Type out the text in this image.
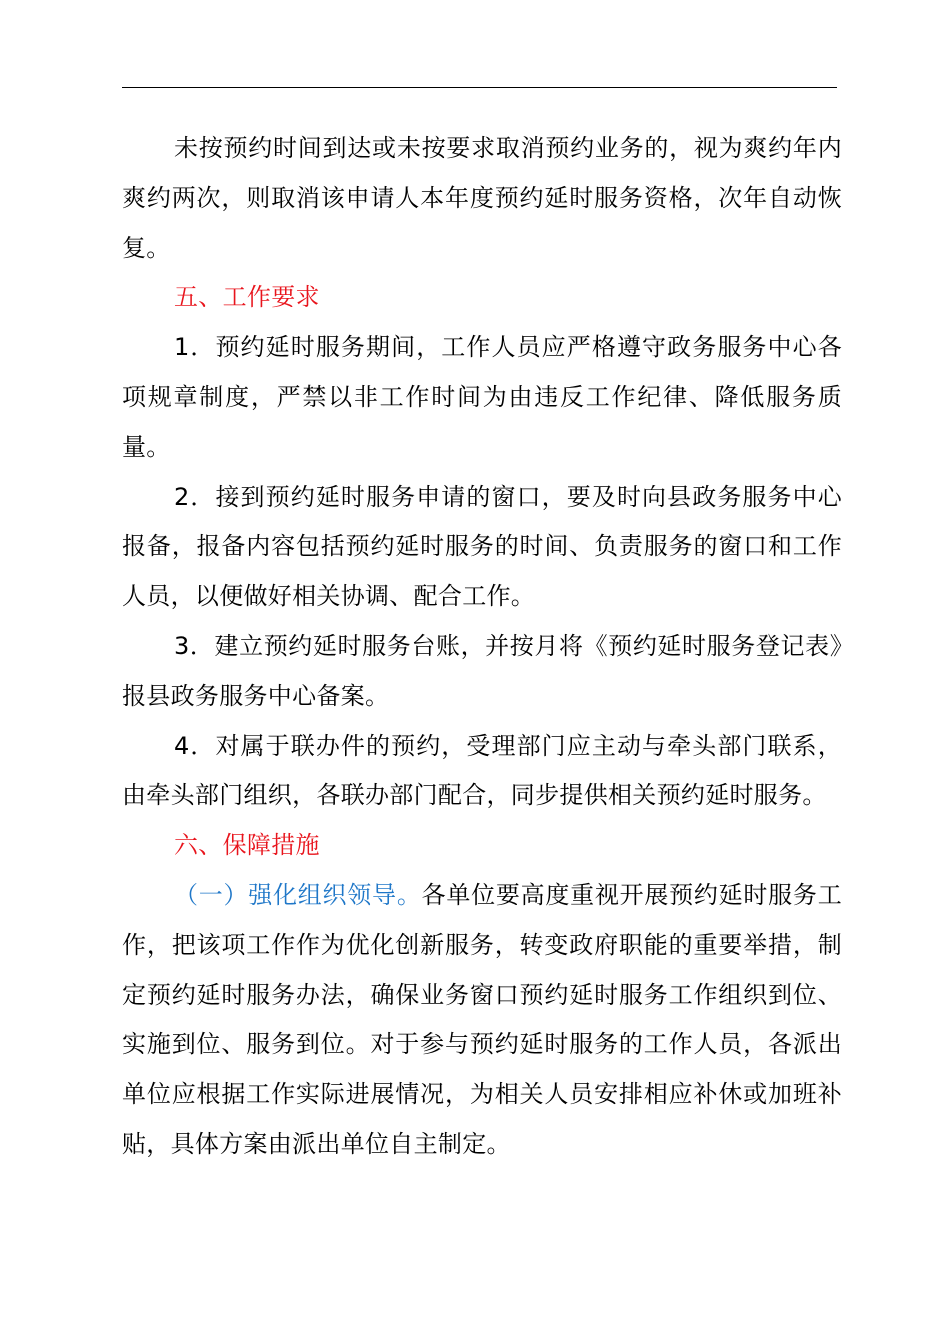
未按预约时间到达或未按要求取消预约业务的，视为爽约年内爽约两次，则取消该申请人本年度预约延时服务资格，次年自动恢复。

五、工作要求

1．预约延时服务期间，工作人员应严格遵守政务服务中心各项规章制度，严禁以非工作时间为由违反工作纪律、降低服务质量。

2．接到预约延时服务申请的窗口，要及时向县政务服务中心报备，报备内容包括预约延时服务的时间、负责服务的窗口和工作人员，以便做好相关协调、配合工作。

3．建立预约延时服务台账，并按月将《预约延时服务登记表》报县政务服务中心备案。

4．对属于联办件的预约，受理部门应主动与牵头部门联系，由牵头部门组织，各联办部门配合，同步提供相关预约延时服务。

六、保障措施

（一）强化组织领导。各单位要高度重视开展预约延时服务工作，把该项工作作为优化创新服务，转变政府职能的重要举措，制定预约延时服务办法，确保业务窗口预约延时服务工作组织到位、实施到位、服务到位。对于参与预约延时服务的工作人员，各派出单位应根据工作实际进展情况，为相关人员安排相应补休或加班补贴，具体方案由派出单位自主制定。
